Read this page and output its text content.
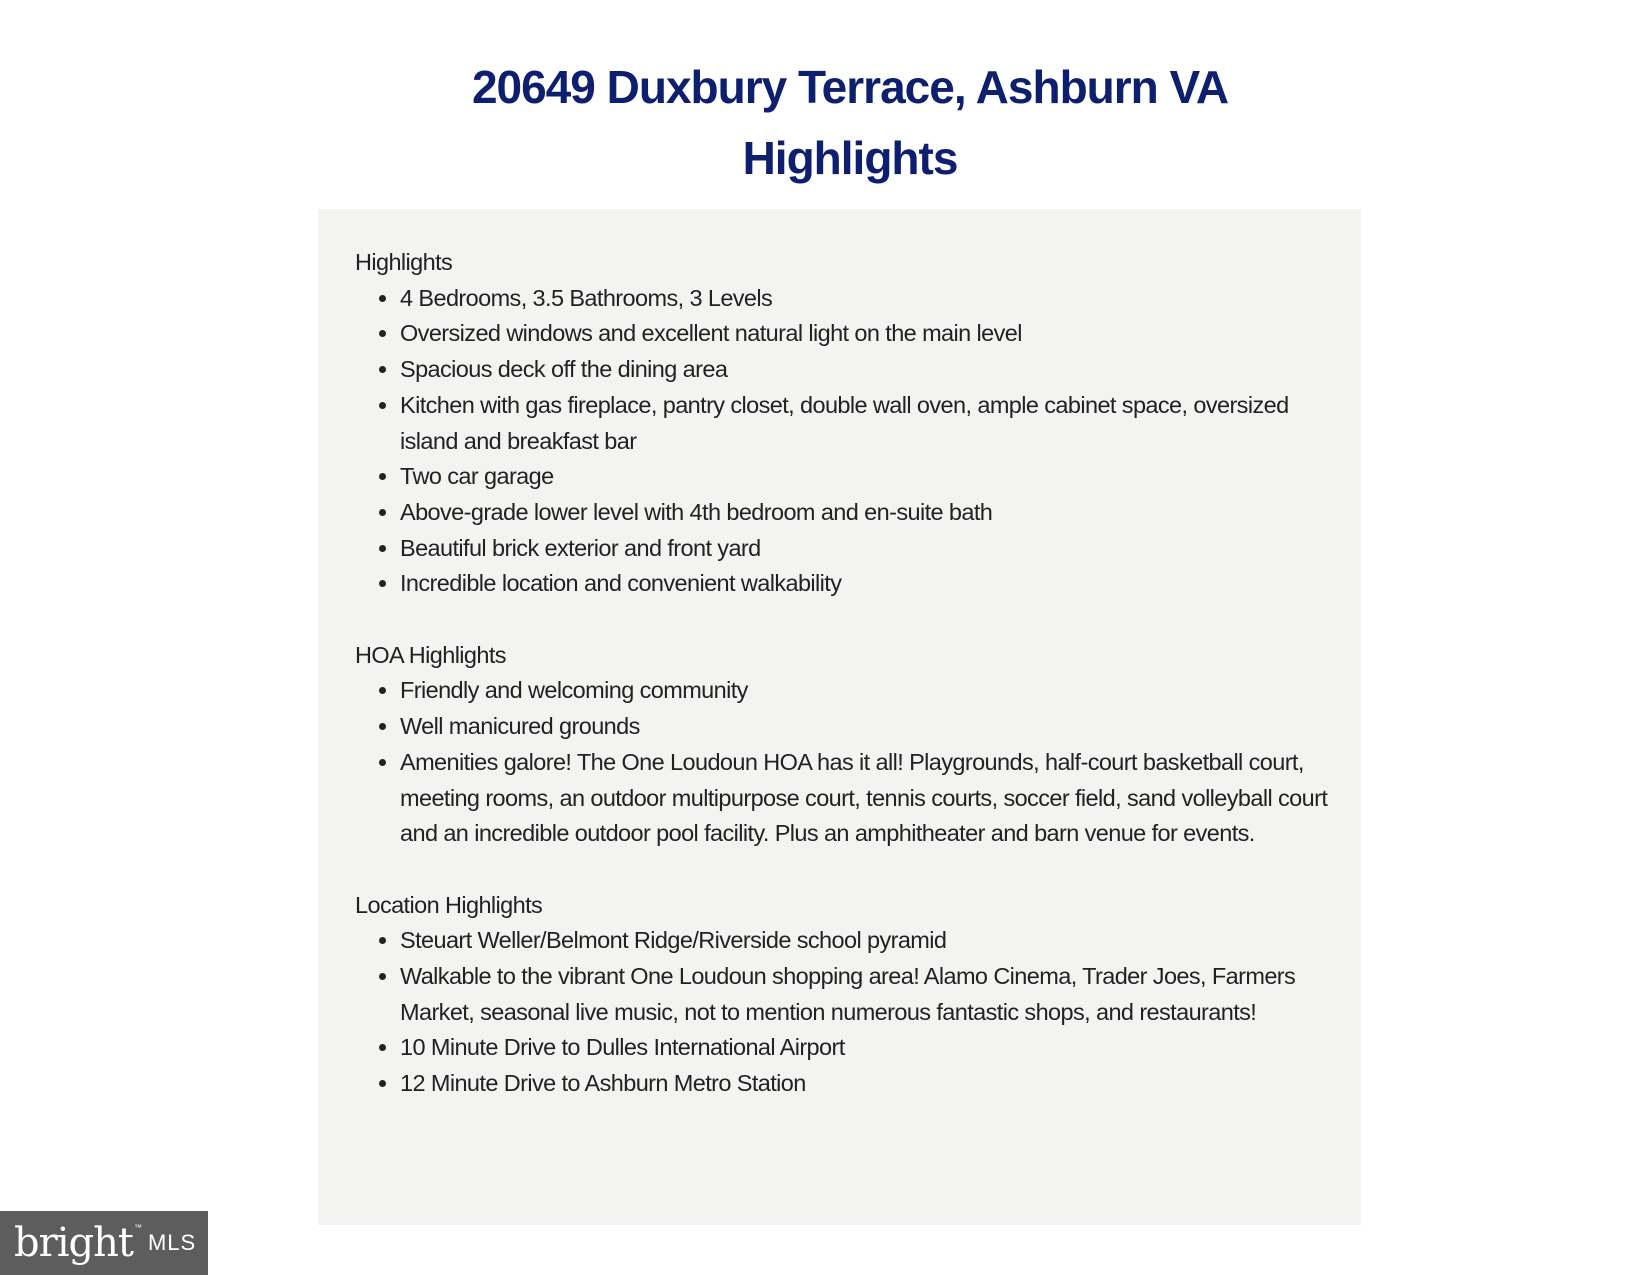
20649 Duxbury Terrace, Ashburn VA
Highlights
Highlights
• 4 Bedrooms, 3.5 Bathrooms, 3 Levels
• Oversized windows and excellent natural light on the main level
• Spacious deck off the dining area
• Kitchen with gas fireplace, pantry closet, double wall oven, ample cabinet space, oversized island and breakfast bar
• Two car garage
• Above-grade lower level with 4th bedroom and en-suite bath
• Beautiful brick exterior and front yard
• Incredible location and convenient walkability
HOA Highlights
• Friendly and welcoming community
• Well manicured grounds
• Amenities galore! The One Loudoun HOA has it all! Playgrounds, half-court basketball court, meeting rooms, an outdoor multipurpose court, tennis courts, soccer field, sand volleyball court and an incredible outdoor pool facility. Plus an amphitheater and barn venue for events.
Location Highlights
• Steuart Weller/Belmont Ridge/Riverside school pyramid
• Walkable to the vibrant One Loudoun shopping area! Alamo Cinema, Trader Joes, Farmers Market, seasonal live music, not to mention numerous fantastic shops, and restaurants!
• 10 Minute Drive to Dulles International Airport
• 12 Minute Drive to Ashburn Metro Station
bright ™
MLS
